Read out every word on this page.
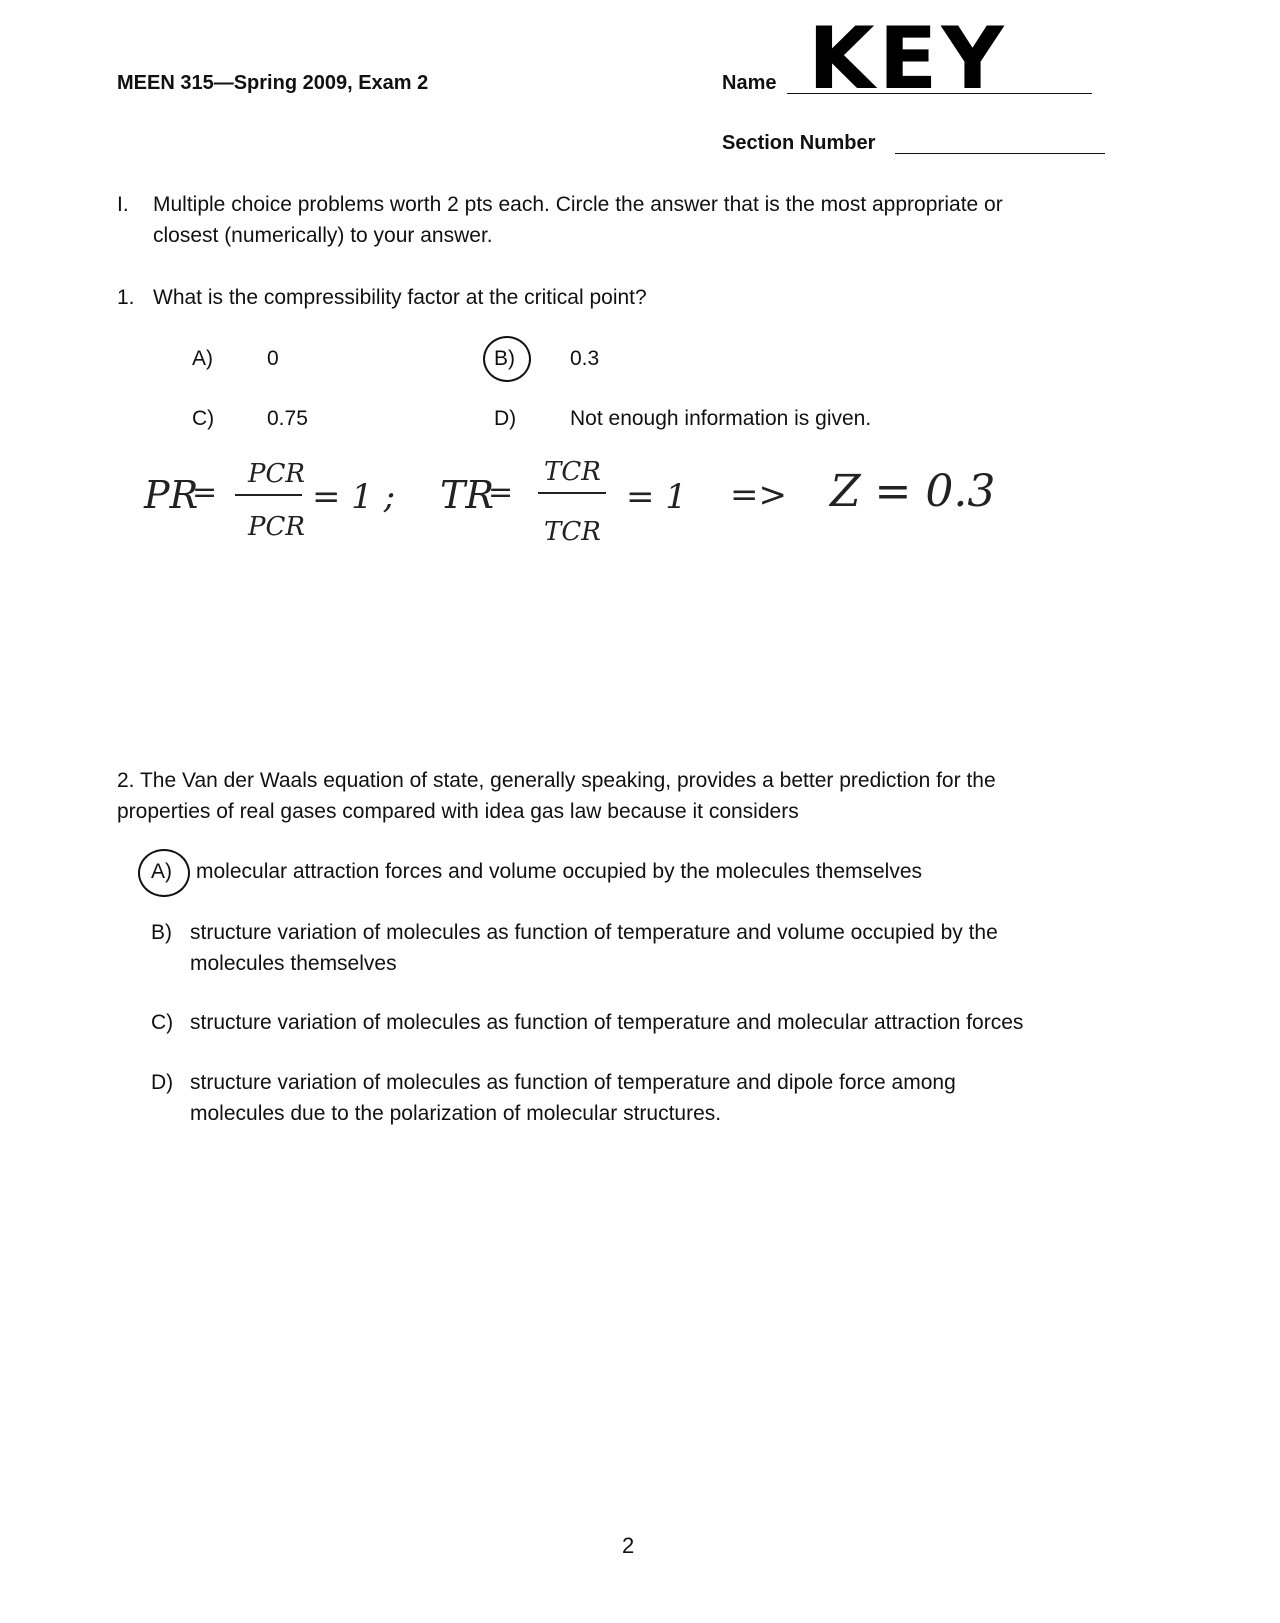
MEEN 315—Spring 2009, Exam 2	Name KEY
Section Number
I. Multiple choice problems worth 2 pts each. Circle the answer that is the most appropriate or
closest (numerically) to your answer.
1. What is the compressibility factor at the critical point?
A)	0	B)	0.3
C)	0.75	D)	Not enough information is given.
PR
=
PCR
PCR
= 1 ; TR
=
TCR
TCR
= 1 => Z = 0.3
2. The Van der Waals equation of state, generally speaking, provides a better prediction for the
properties of real gases compared with idea gas law because it considers
A) molecular attraction forces and volume occupied by the molecules themselves
B) structure variation of molecules as function of temperature and volume occupied by the
molecules themselves
C) structure variation of molecules as function of temperature and molecular attraction forces
D) structure variation of molecules as function of temperature and dipole force among
molecules due to the polarization of molecular structures.
2
